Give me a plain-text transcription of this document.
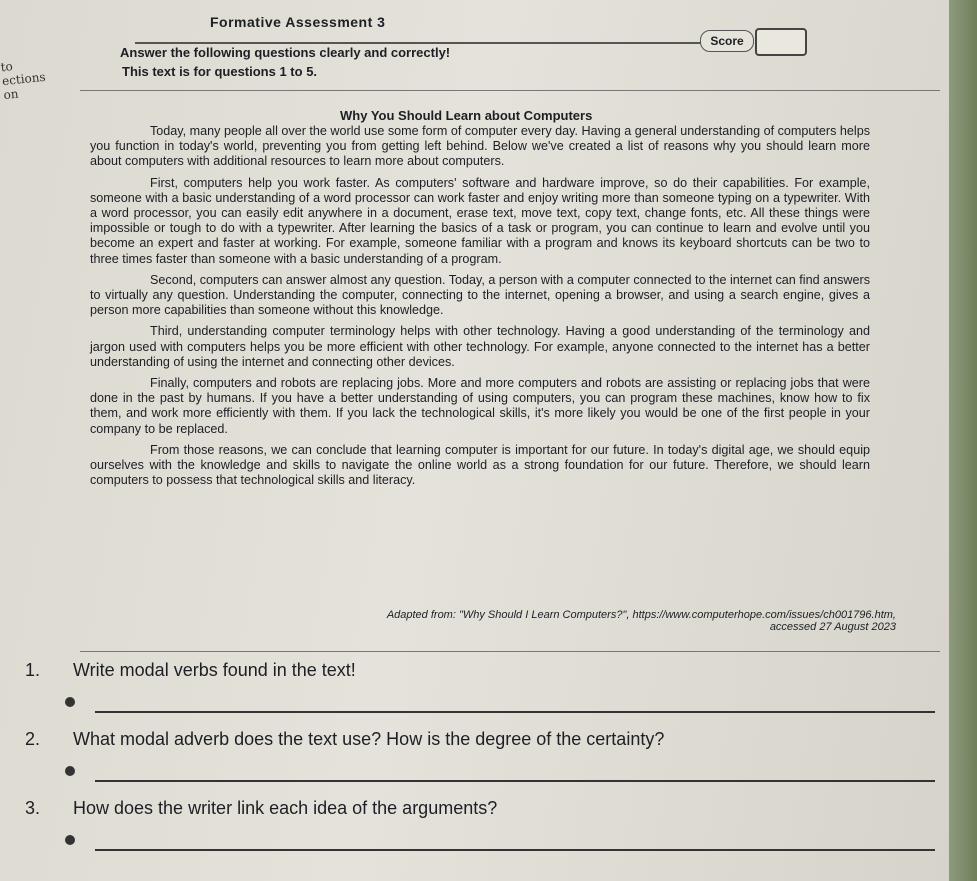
Formative Assessment 3
Score
to
ections
on
Answer the following questions clearly and correctly!
This text is for questions 1 to 5.
Why You Should Learn about Computers

Today, many people all over the world use some form of computer every day. Having a general understanding of computers helps you function in today's world, preventing you from getting left behind. Below we've created a list of reasons why you should learn more about computers with additional resources to learn more about computers.

First, computers help you work faster. As computers' software and hardware improve, so do their capabilities. For example, someone with a basic understanding of a word processor can work faster and enjoy writing more than someone typing on a typewriter. With a word processor, you can easily edit anywhere in a document, erase text, move text, copy text, change fonts, etc. All these things were impossible or tough to do with a typewriter. After learning the basics of a task or program, you can continue to learn and evolve until you become an expert and faster at working. For example, someone familiar with a program and knows its keyboard shortcuts can be two to three times faster than someone with a basic understanding of a program.

Second, computers can answer almost any question. Today, a person with a computer connected to the internet can find answers to virtually any question. Understanding the computer, connecting to the internet, opening a browser, and using a search engine, gives a person more capabilities than someone without this knowledge.

Third, understanding computer terminology helps with other technology. Having a good understanding of the terminology and jargon used with computers helps you be more efficient with other technology. For example, anyone connected to the internet has a better understanding of using the internet and connecting other devices.

Finally, computers and robots are replacing jobs. More and more computers and robots are assisting or replacing jobs that were done in the past by humans. If you have a better understanding of using computers, you can program these machines, know how to fix them, and work more efficiently with them. If you lack the technological skills, it's more likely you would be one of the first people in your company to be replaced.

From those reasons, we can conclude that learning computer is important for our future. In today's digital age, we should equip ourselves with the knowledge and skills to navigate the online world as a strong foundation for our future. Therefore, we should learn computers to possess that technological skills and literacy.

Adapted from: "Why Should I Learn Computers?", https://www.computerhope.com/issues/ch001796.htm,
accessed 27 August 2023
1. Write modal verbs found in the text!
2. What modal adverb does the text use? How is the degree of the certainty?
3. How does the writer link each idea of the arguments?
